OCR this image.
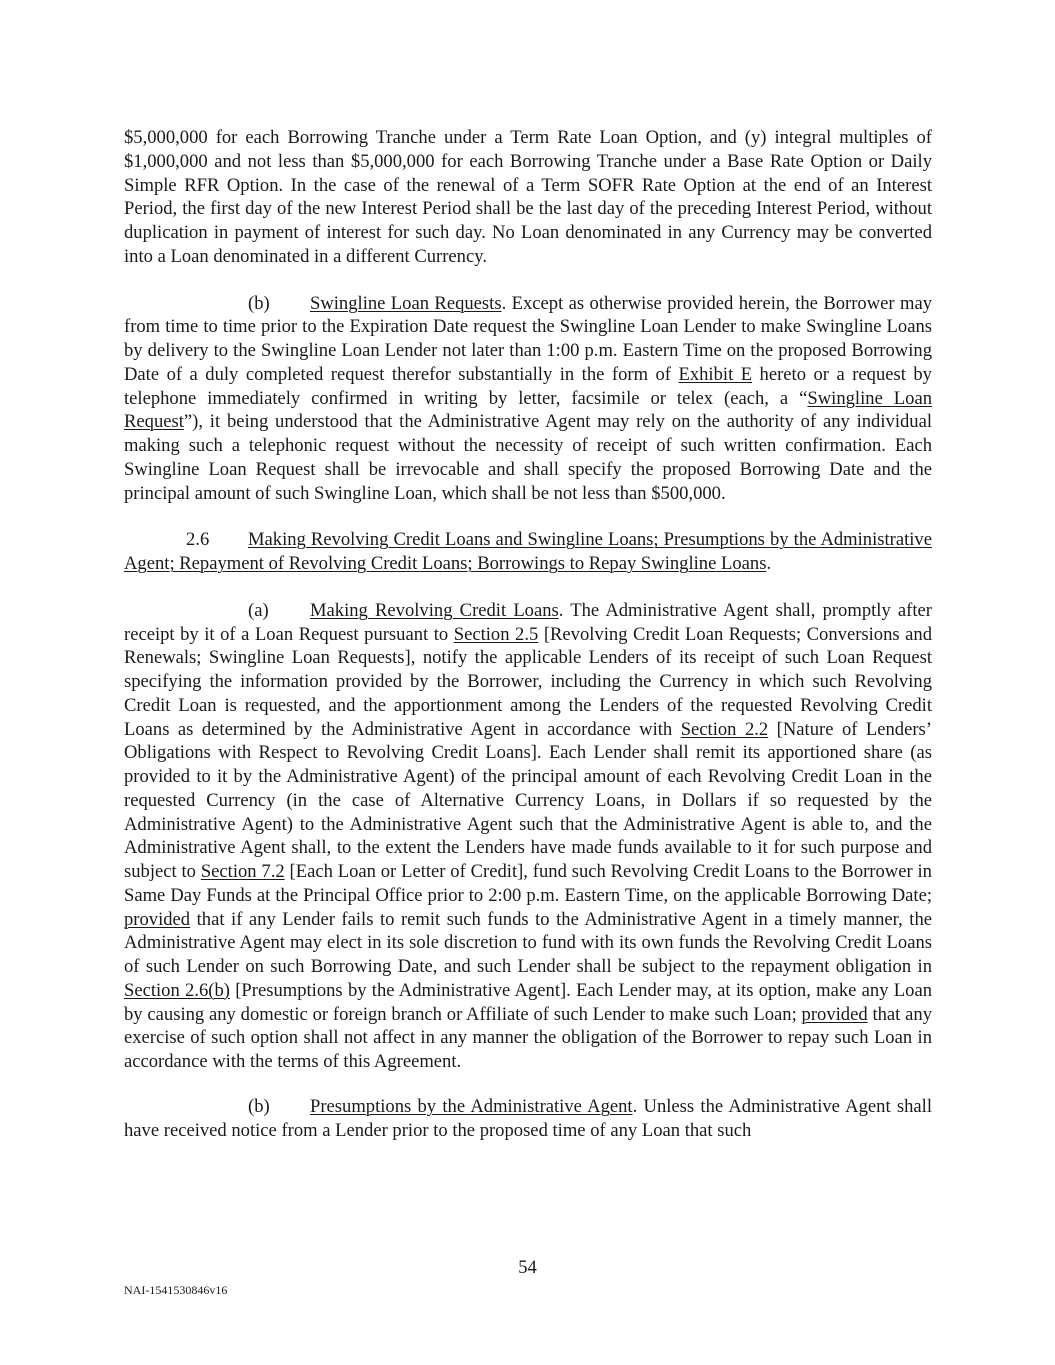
$5,000,000 for each Borrowing Tranche under a Term Rate Loan Option, and (y) integral multiples of $1,000,000 and not less than $5,000,000 for each Borrowing Tranche under a Base Rate Option or Daily Simple RFR Option. In the case of the renewal of a Term SOFR Rate Option at the end of an Interest Period, the first day of the new Interest Period shall be the last day of the preceding Interest Period, without duplication in payment of interest for such day. No Loan denominated in any Currency may be converted into a Loan denominated in a different Currency.

(b) Swingline Loan Requests. Except as otherwise provided herein, the Borrower may from time to time prior to the Expiration Date request the Swingline Loan Lender to make Swingline Loans by delivery to the Swingline Loan Lender not later than 1:00 p.m. Eastern Time on the proposed Borrowing Date of a duly completed request therefor substantially in the form of Exhibit E hereto or a request by telephone immediately confirmed in writing by letter, facsimile or telex (each, a “Swingline Loan Request”), it being understood that the Administrative Agent may rely on the authority of any individual making such a telephonic request without the necessity of receipt of such written confirmation. Each Swingline Loan Request shall be irrevocable and shall specify the proposed Borrowing Date and the principal amount of such Swingline Loan, which shall be not less than $500,000.

2.6 Making Revolving Credit Loans and Swingline Loans; Presumptions by the Administrative Agent; Repayment of Revolving Credit Loans; Borrowings to Repay Swingline Loans.

(a) Making Revolving Credit Loans. The Administrative Agent shall, promptly after receipt by it of a Loan Request pursuant to Section 2.5 [Revolving Credit Loan Requests; Conversions and Renewals; Swingline Loan Requests], notify the applicable Lenders of its receipt of such Loan Request specifying the information provided by the Borrower, including the Currency in which such Revolving Credit Loan is requested, and the apportionment among the Lenders of the requested Revolving Credit Loans as determined by the Administrative Agent in accordance with Section 2.2 [Nature of Lenders’ Obligations with Respect to Revolving Credit Loans]. Each Lender shall remit its apportioned share (as provided to it by the Administrative Agent) of the principal amount of each Revolving Credit Loan in the requested Currency (in the case of Alternative Currency Loans, in Dollars if so requested by the Administrative Agent) to the Administrative Agent such that the Administrative Agent is able to, and the Administrative Agent shall, to the extent the Lenders have made funds available to it for such purpose and subject to Section 7.2 [Each Loan or Letter of Credit], fund such Revolving Credit Loans to the Borrower in Same Day Funds at the Principal Office prior to 2:00 p.m. Eastern Time, on the applicable Borrowing Date; provided that if any Lender fails to remit such funds to the Administrative Agent in a timely manner, the Administrative Agent may elect in its sole discretion to fund with its own funds the Revolving Credit Loans of such Lender on such Borrowing Date, and such Lender shall be subject to the repayment obligation in Section 2.6(b) [Presumptions by the Administrative Agent]. Each Lender may, at its option, make any Loan by causing any domestic or foreign branch or Affiliate of such Lender to make such Loan; provided that any exercise of such option shall not affect in any manner the obligation of the Borrower to repay such Loan in accordance with the terms of this Agreement.

(b) Presumptions by the Administrative Agent. Unless the Administrative Agent shall have received notice from a Lender prior to the proposed time of any Loan that such

54
NAI-1541530846v16
